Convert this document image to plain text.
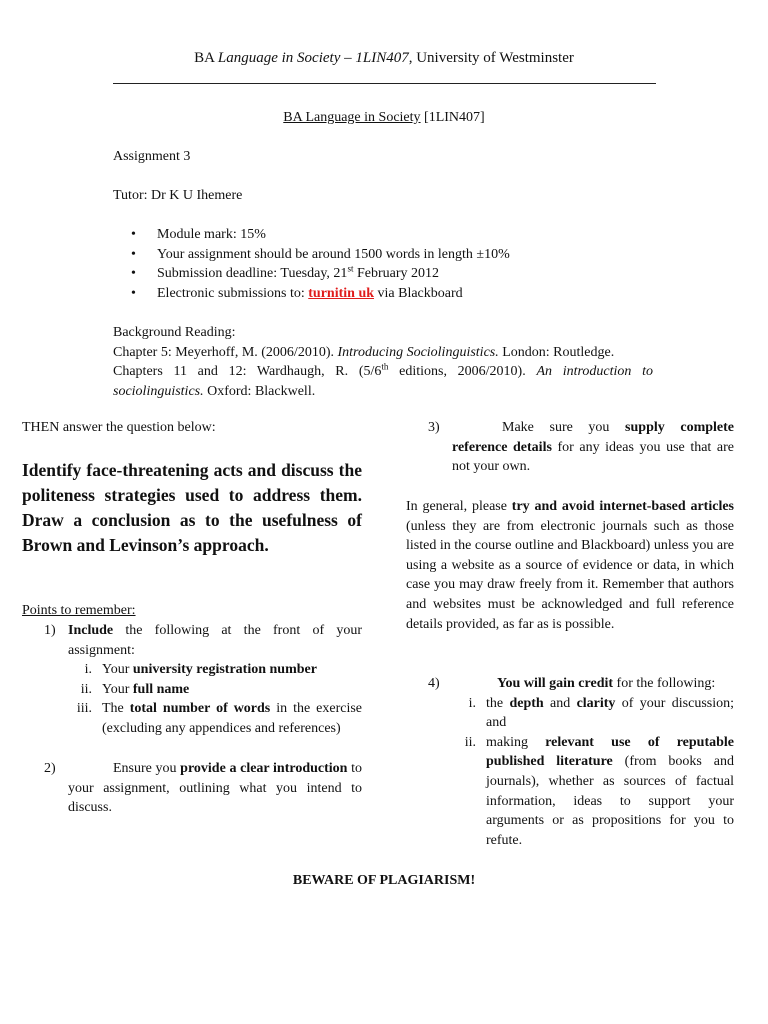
BA Language in Society – 1LIN407, University of Westminster
BA Language in Society [1LIN407]
Assignment 3
Tutor: Dr K U Ihemere
• Module mark: 15%
• Your assignment should be around 1500 words in length ±10%
• Submission deadline: Tuesday, 21st February 2012
• Electronic submissions to: turnitin uk via Blackboard

Background Reading:

Chapter 5: Meyerhoff, M. (2006/2010). Introducing Sociolinguistics. London: Routledge.

Chapters 11 and 12: Wardhaugh, R. (5/6th editions, 2006/2010). An introduction to sociolinguistics. Oxford: Blackwell.

THEN answer the question below:
Identify face-threatening acts and discuss the politeness strategies used to address them. Draw a conclusion as to the usefulness of Brown and Levinson’s approach.
Points to remember:
1) Include the following at the front of your assignment:
i. Your university registration number
ii. Your full name
iii. The total number of words in the exercise (excluding any appendices and references)
2)	Ensure you provide a clear introduction to your assignment, outlining what you intend to discuss.
3)	Make sure you supply complete reference details for any ideas you use that are not your own.
In general, please try and avoid internet-based articles (unless they are from electronic journals such as those listed in the course outline and Blackboard) unless you are using a website as a source of evidence or data, in which case you may draw freely from it. Remember that authors and websites must be acknowledged and full reference details provided, as far as is possible.
4)	You will gain credit for the following:
i. the depth and clarity of your discussion; and
ii. making relevant use of reputable published literature (from books and journals), whether as sources of factual information, ideas to support your arguments or as propositions for you to refute.
BEWARE OF PLAGIARISM!
